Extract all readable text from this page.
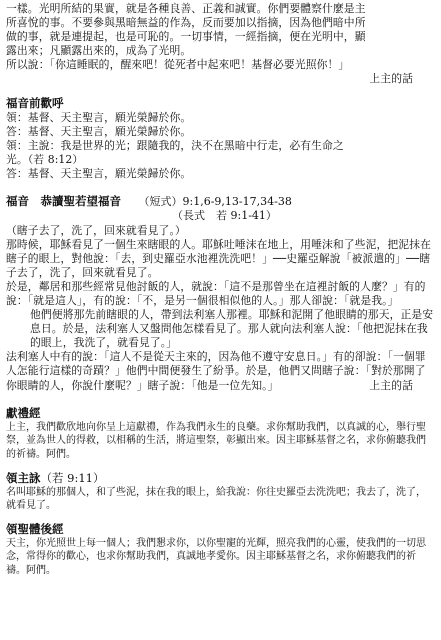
一樣。光明所結的果實，就是各種良善、正義和誠實。你們要體察什麼是主

所喜悅的事。不要參與黑暗無益的作為，反而要加以指摘，因為他們暗中所

做的事，就是連提起，也是可恥的。一切事情，一經指摘，便在光明中，顯

露出來；凡顯露出來的，成為了光明。

所以說：「你這睡眠的，醒來吧！從死者中起來吧！基督必要光照你！」

上主的話

福音前歡呼

領：基督、天主聖言，願光榮歸於你。

答：基督、天主聖言，願光榮歸於你。

領：主說：我是世界的光；跟隨我的，決不在黑暗中行走，必有生命之

光。（若 8:12）

答：基督、天主聖言，願光榮歸於你。

福音　恭讀聖若望福音　　 （短式）9:1,6-9,13-17,34-38

（長式　若 9:1-41）

（瞎子去了，洗了，回來就看見了。）

那時候，耶穌看見了一個生來瞎眼的人。耶穌吐唾沫在地上，用唾沫和了些泥，把泥抹在瞎子的眼上，對他說：「去，到史羅亞水池裡洗洗吧！」──史羅亞解說「被派遣的」──瞎子去了，洗了，回來就看見了。

於是，鄰居和那些經常見他討飯的人，就說：「這不是那曾坐在這裡討飯的人麼？」有的說：「就是這人」，有的說：「不，是另一個很相似他的人。」那人卻說：「就是我。」

他們便將那先前瞎眼的人，帶到法利塞人那裡。耶穌和泥開了他眼睛的那天，正是安息日。於是，法利塞人又盤問他怎樣看見了。那人就向法利塞人說：「他把泥抹在我的眼上，我洗了，就看見了。」

法利塞人中有的說：「這人不是從天主來的，因為他不遵守安息日。」有的卻說：「一個罪人怎能行這樣的奇蹟？」他們中間便發生了紛爭。於是，他們又問瞎子說：「對於那開了你眼睛的人，你說什麼呢？」瞎子說：「他是一位先知。」	上主的話

獻禮經

上主，我們歡欣地向你呈上這獻禮，作為我們永生的良藥。求你幫助我們，以真誠的心，舉行聖祭，並為世人的得救，以相稱的生活，將這聖祭，彰顯出來。因主耶穌基督之名，求你俯聽我們的祈禱。阿們。

領主詠（若 9:11）

名叫耶穌的那個人，和了些泥，抹在我的眼上，給我說：你往史羅亞去洗洗吧；我去了，洗了，就看見了。

領聖體後經

天主，你光照世上每一個人；我們懇求你，以你聖寵的光輝，照亮我們的心靈，使我們的一切思念，常得你的歡心，也求你幫助我們，真誠地孝愛你。因主耶穌基督之名，求你俯聽我們的祈禱。阿們。
